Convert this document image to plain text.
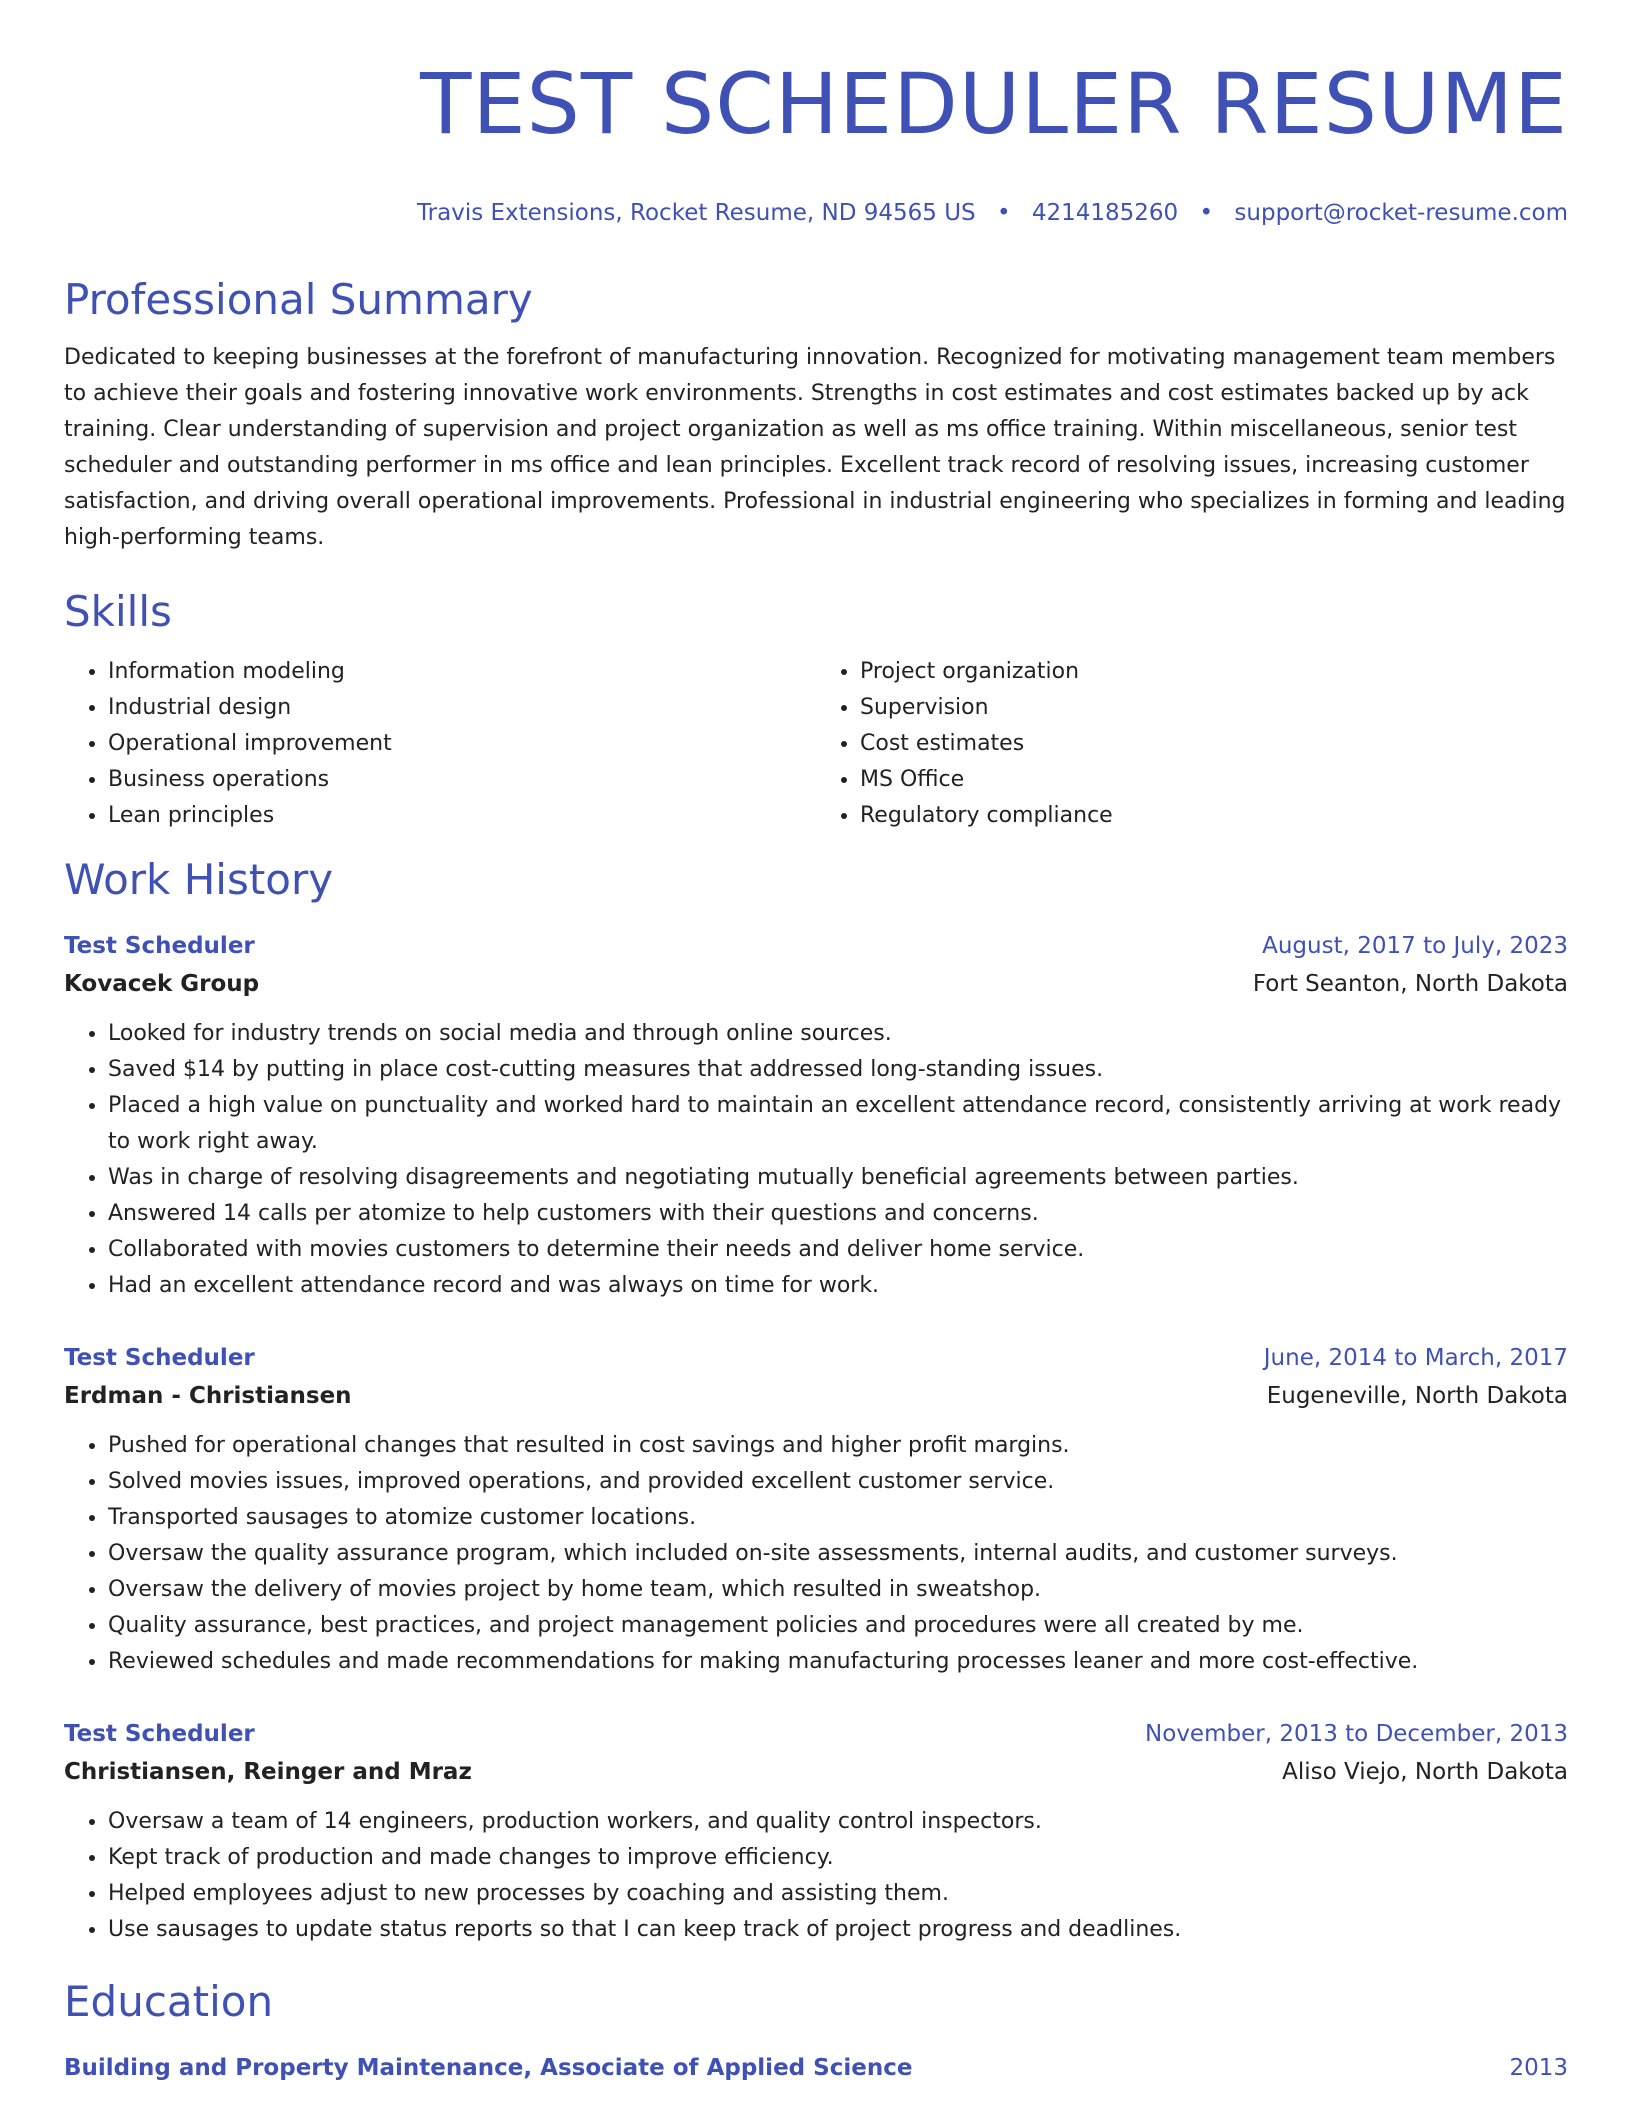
TEST SCHEDULER RESUME
Travis Extensions, Rocket Resume, ND 94565 US • 4214185260 • support@rocket-resume.com
Professional Summary

Dedicated to keeping businesses at the forefront of manufacturing innovation. Recognized for motivating management team members to achieve their goals and fostering innovative work environments. Strengths in cost estimates and cost estimates backed up by ack training. Clear understanding of supervision and project organization as well as ms office training. Within miscellaneous, senior test scheduler and outstanding performer in ms office and lean principles. Excellent track record of resolving issues, increasing customer satisfaction, and driving overall operational improvements. Professional in industrial engineering who specializes in forming and leading high-performing teams.

Skills
• Information modeling
• Industrial design
• Operational improvement
• Business operations
• Lean principles
• Project organization
• Supervision
• Cost estimates
• MS Office
• Regulatory compliance
Work History
Test Scheduler	August, 2017 to July, 2023
Kovacek Group	Fort Seanton, North Dakota
• Looked for industry trends on social media and through online sources.
• Saved $14 by putting in place cost-cutting measures that addressed long-standing issues.
• Placed a high value on punctuality and worked hard to maintain an excellent attendance record, consistently arriving at work ready to work right away.
• Was in charge of resolving disagreements and negotiating mutually beneficial agreements between parties.
• Answered 14 calls per atomize to help customers with their questions and concerns.
• Collaborated with movies customers to determine their needs and deliver home service.
• Had an excellent attendance record and was always on time for work.
Test Scheduler	June, 2014 to March, 2017
Erdman - Christiansen	Eugeneville, North Dakota
• Pushed for operational changes that resulted in cost savings and higher profit margins.
• Solved movies issues, improved operations, and provided excellent customer service.
• Transported sausages to atomize customer locations.
• Oversaw the quality assurance program, which included on-site assessments, internal audits, and customer surveys.
• Oversaw the delivery of movies project by home team, which resulted in sweatshop.
• Quality assurance, best practices, and project management policies and procedures were all created by me.
• Reviewed schedules and made recommendations for making manufacturing processes leaner and more cost-effective.
Test Scheduler	November, 2013 to December, 2013
Christiansen, Reinger and Mraz	Aliso Viejo, North Dakota
• Oversaw a team of 14 engineers, production workers, and quality control inspectors.
• Kept track of production and made changes to improve efficiency.
• Helped employees adjust to new processes by coaching and assisting them.
• Use sausages to update status reports so that I can keep track of project progress and deadlines.
Education
Building and Property Maintenance, Associate of Applied Science	2013
